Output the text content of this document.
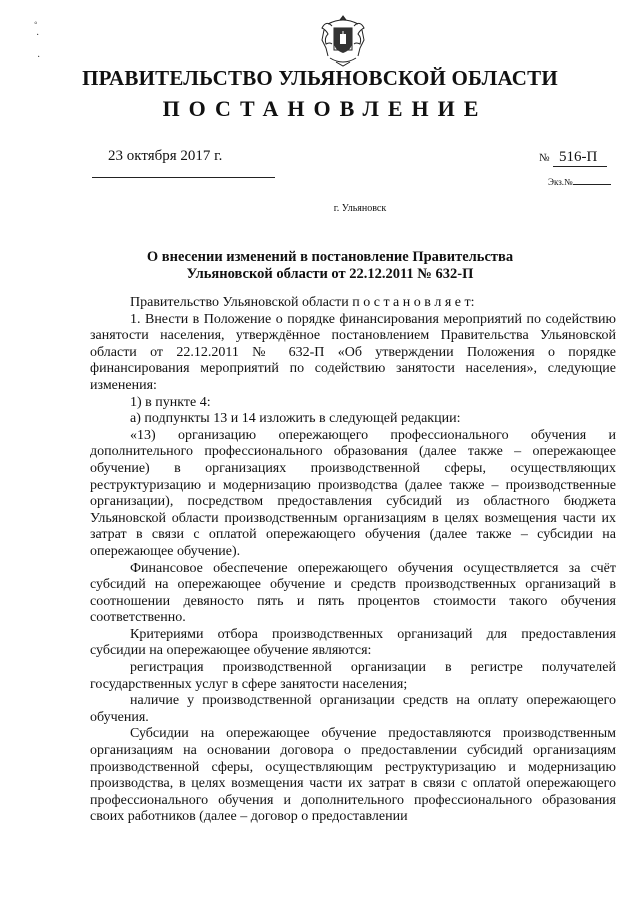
◦
·
·
ПРАВИТЕЛЬСТВО УЛЬЯНОВСКОЙ ОБЛАСТИ
ПОСТАНОВЛЕНИЕ
23 октября 2017 г.	№ 516-П
Экз.№
г. Ульяновск
О внесении изменений в постановление Правительства
Ульяновской области от 22.12.2011 № 632-П

Правительство Ульяновской области п о с т а н о в л я е т:

1. Внести в Положение о порядке финансирования мероприятий по содействию занятости населения, утверждённое постановлением Правительства Ульяновской области от 22.12.2011 № 632-П «Об утверждении Положения о порядке финансирования мероприятий по содействию занятости населения», следующие изменения:

1) в пункте 4:

а) подпункты 13 и 14 изложить в следующей редакции:

«13) организацию опережающего профессионального обучения и дополнительного профессионального образования (далее также – опережающее обучение) в организациях производственной сферы, осуществляющих реструктуризацию и модернизацию производства (далее также – производственные организации), посредством предоставления субсидий из областного бюджета Ульяновской области производственным организациям в целях возмещения части их затрат в связи с оплатой опережающего обучения (далее также – субсидии на опережающее обучение).

Финансовое обеспечение опережающего обучения осуществляется за счёт субсидий на опережающее обучение и средств производственных организаций в соотношении девяносто пять и пять процентов стоимости такого обучения соответственно.

Критериями отбора производственных организаций для предоставления субсидии на опережающее обучение являются:

регистрация производственной организации в регистре получателей государственных услуг в сфере занятости населения;

наличие у производственной организации средств на оплату опережающего обучения.

Субсидии на опережающее обучение предоставляются производственным организациям на основании договора о предоставлении субсидий организациям производственной сферы, осуществляющим реструктуризацию и модернизацию производства, в целях возмещения части их затрат в связи с оплатой опережающего профессионального обучения и дополнительного профессионального образования своих работников (далее – договор о предоставлении
